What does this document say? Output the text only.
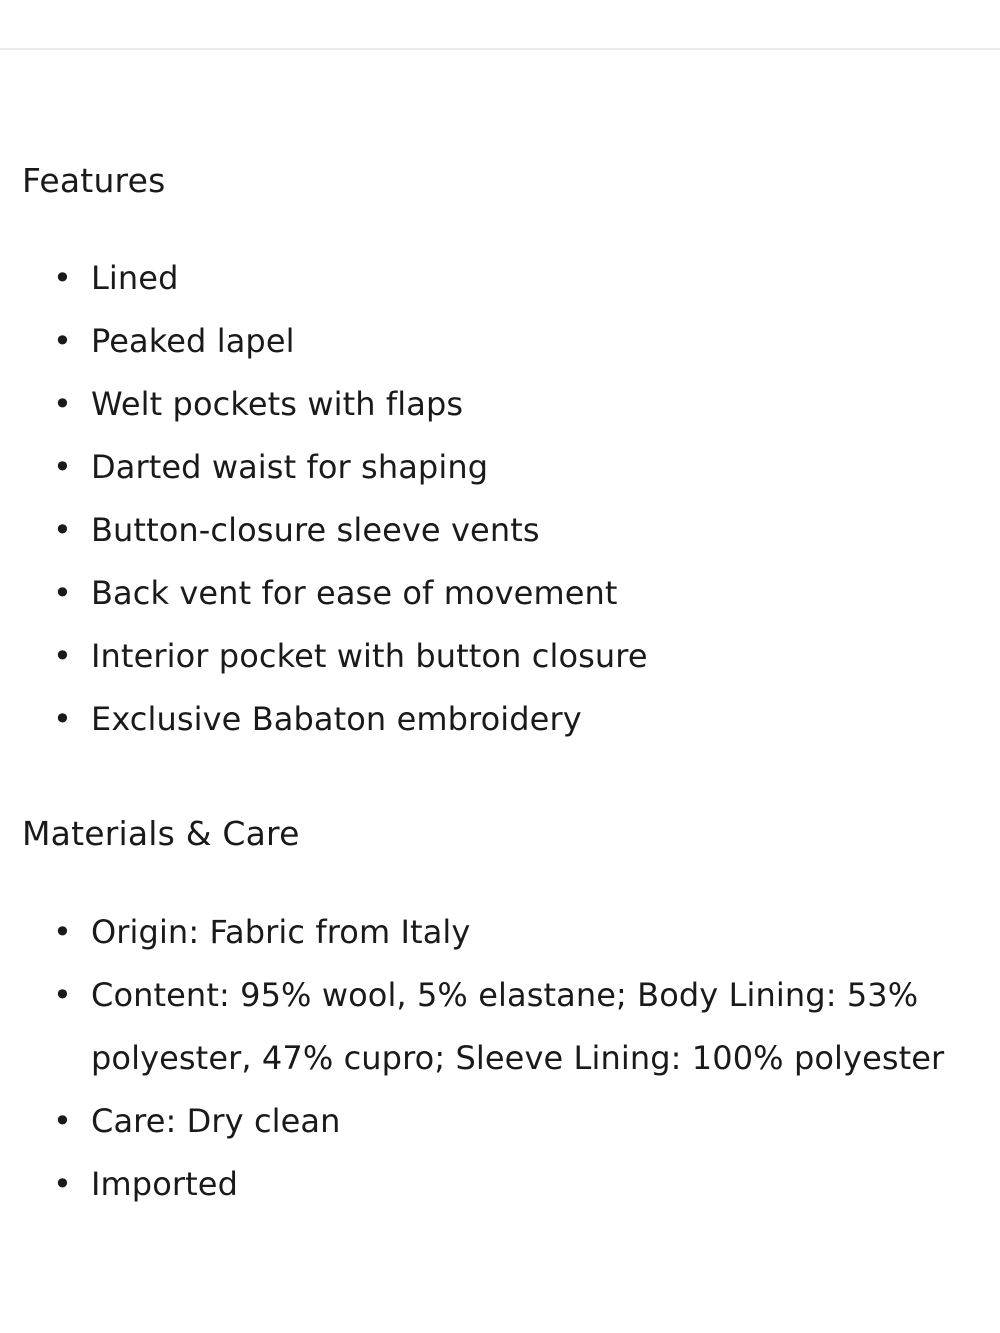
Features
• Lined
• Peaked lapel
• Welt pockets with flaps
• Darted waist for shaping
• Button-closure sleeve vents
• Back vent for ease of movement
• Interior pocket with button closure
• Exclusive Babaton embroidery
Materials & Care
• Origin: Fabric from Italy
• Content: 95% wool, 5% elastane; Body Lining: 53% polyester, 47% cupro; Sleeve Lining: 100% polyester
• Care: Dry clean
• Imported
